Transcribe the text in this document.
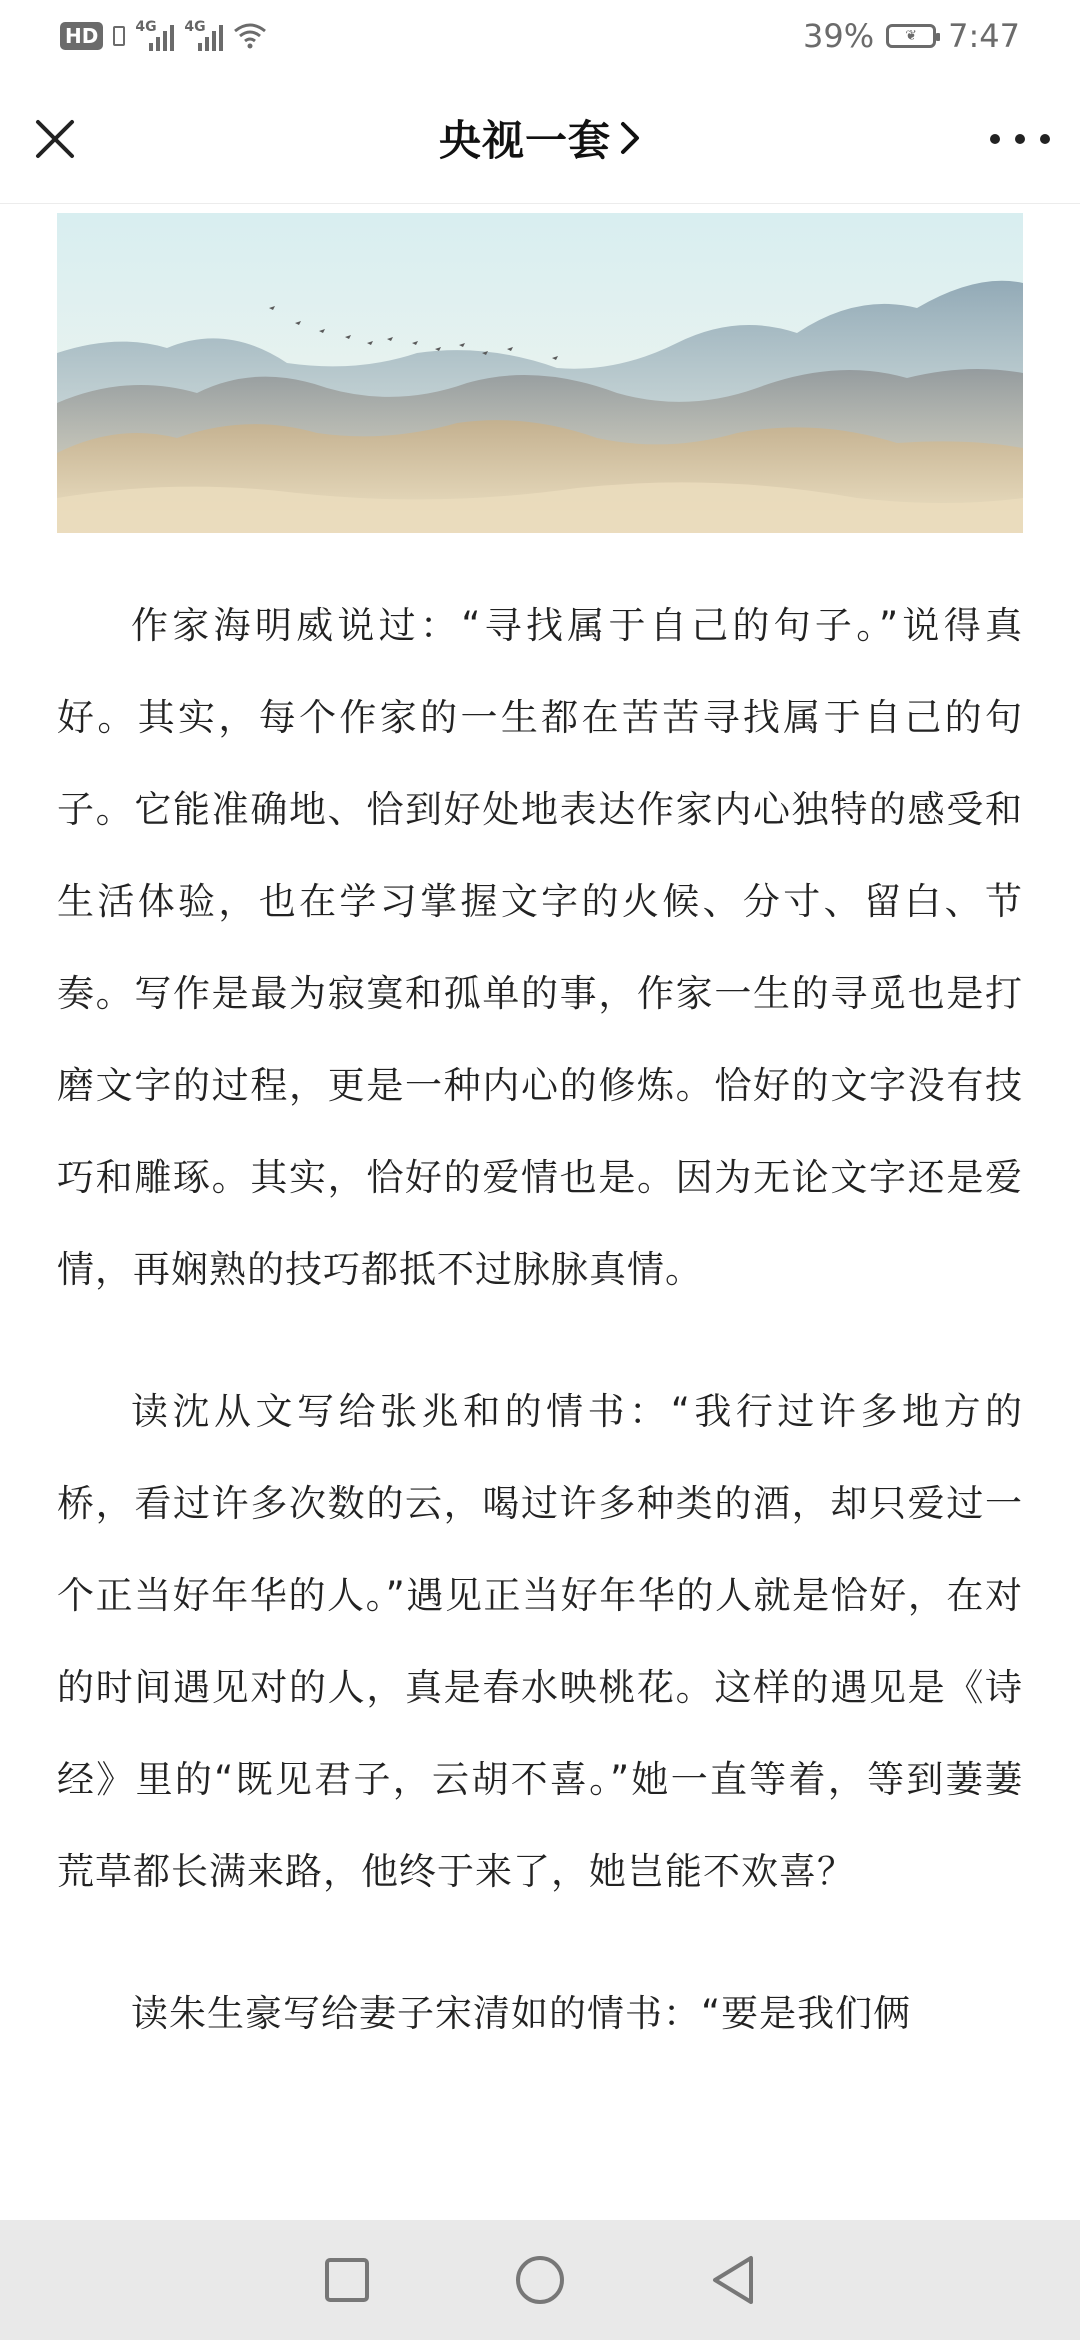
HD	4G 4G	39% ❦ 7:47
央视一套

作家海明威说过：“寻找属于自己的句子。”说得真好。其实，每个作家的一生都在苦苦寻找属于自己的句子。它能准确地、恰到好处地表达作家内心独特的感受和生活体验，也在学习掌握文字的火候、分寸、留白、节奏。写作是最为寂寞和孤单的事，作家一生的寻觅也是打磨文字的过程，更是一种内心的修炼。恰好的文字没有技巧和雕琢。其实，恰好的爱情也是。因为无论文字还是爱情，再娴熟的技巧都抵不过脉脉真情。

读沈从文写给张兆和的情书：“我行过许多地方的桥，看过许多次数的云，喝过许多种类的酒，却只爱过一个正当好年华的人。”遇见正当好年华的人就是恰好，在对的时间遇见对的人，真是春水映桃花。这样的遇见是《诗经》里的“既见君子，云胡不喜。”她一直等着，等到萋萋荒草都长满来路，他终于来了，她岂能不欢喜？

读朱生豪写给妻子宋清如的情书：“要是我们俩
